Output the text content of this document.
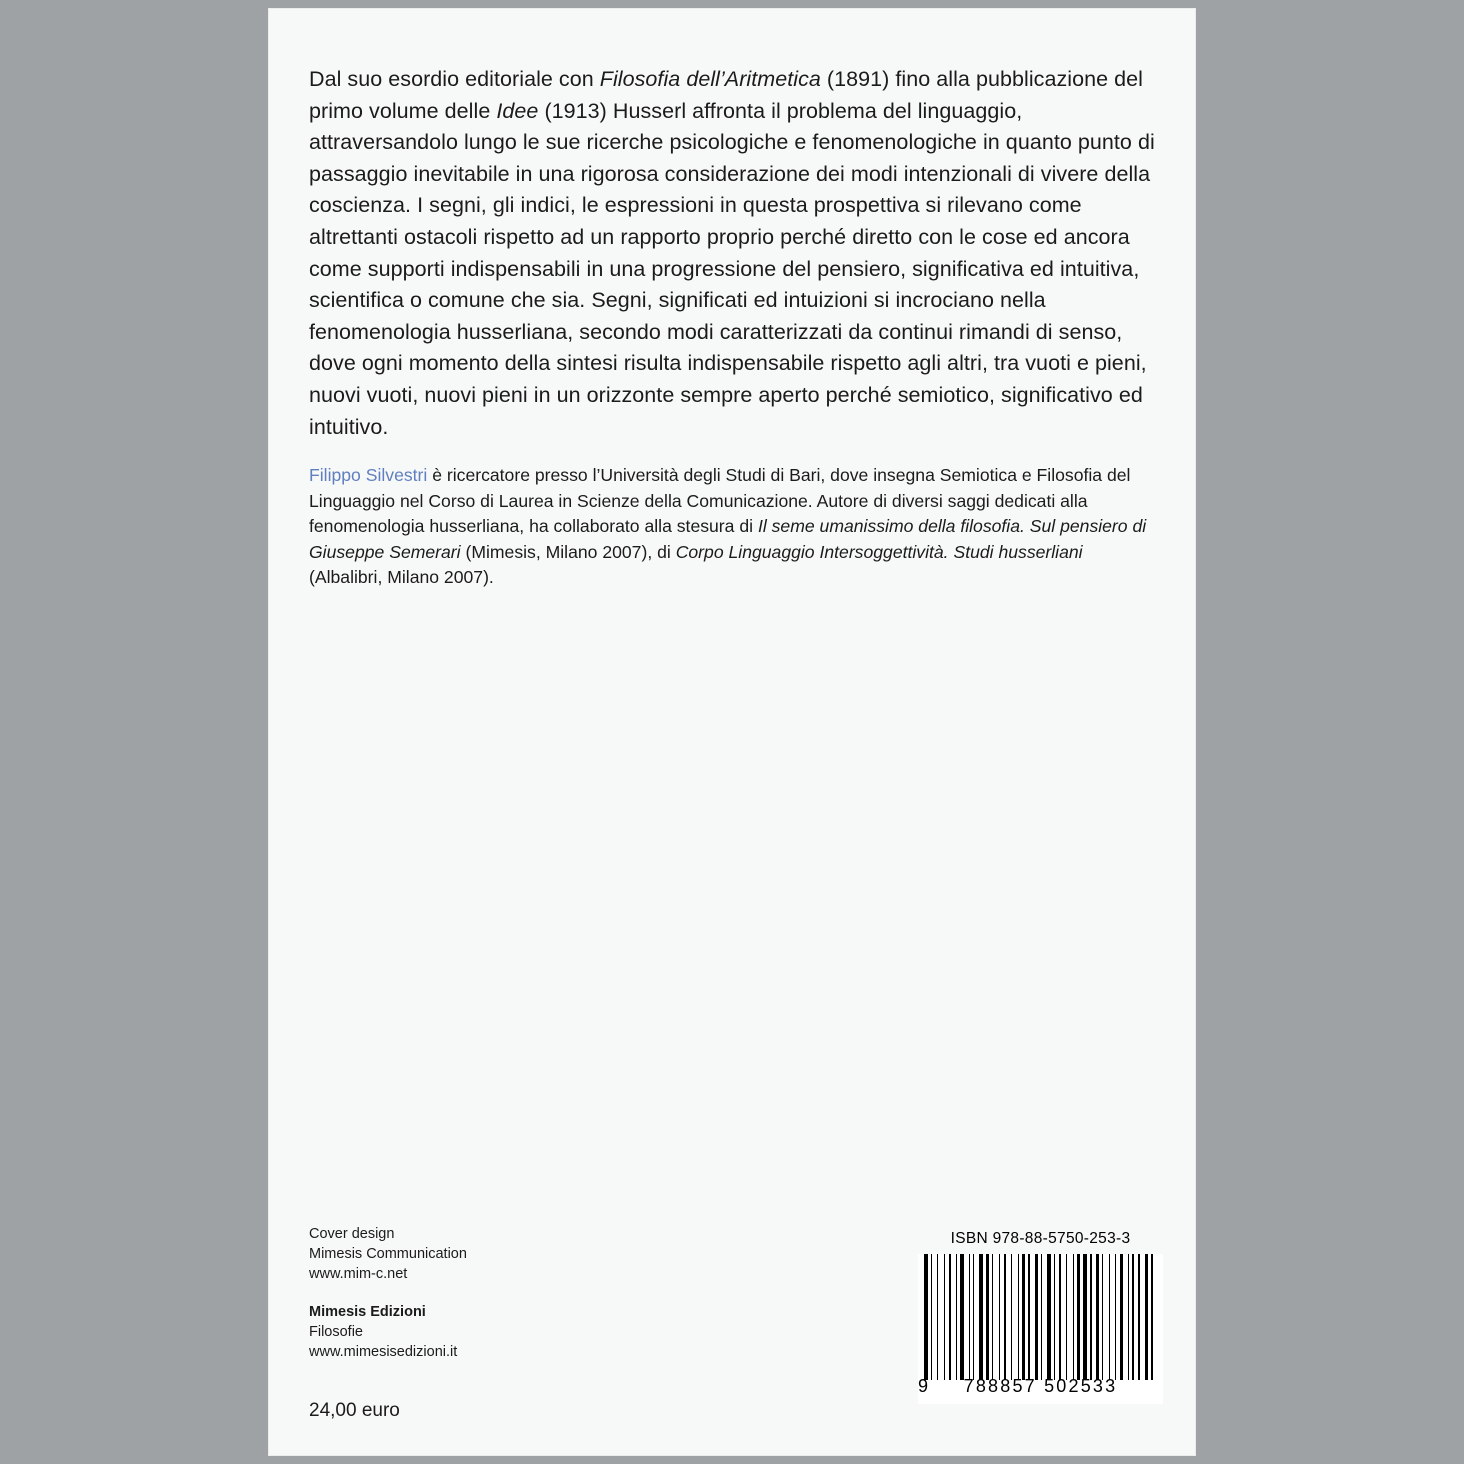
Dal suo esordio editoriale con Filosofia dell’Aritmetica (1891) fino alla pubblicazione del primo volume delle Idee (1913) Husserl affronta il problema del linguaggio, attraversandolo lungo le sue ricerche psicologiche e fenomenologiche in quanto punto di passaggio inevitabile in una rigorosa considerazione dei modi intenzionali di vivere della coscienza. I segni, gli indici, le espressioni in questa prospettiva si rilevano come altrettanti ostacoli rispetto ad un rapporto proprio perché diretto con le cose ed ancora come supporti indispensabili in una progressione del pensiero, significativa ed intuitiva, scientifica o comune che sia. Segni, significati ed intuizioni si incrociano nella fenomenologia husserliana, secondo modi caratterizzati da continui rimandi di senso, dove ogni momento della sintesi risulta indispensabile rispetto agli altri, tra vuoti e pieni, nuovi vuoti, nuovi pieni in un orizzonte sempre aperto perché semiotico, significativo ed intuitivo.
Filippo Silvestri è ricercatore presso l’Università degli Studi di Bari, dove insegna Semiotica e Filosofia del Linguaggio nel Corso di Laurea in Scienze della Comunicazione. Autore di diversi saggi dedicati alla fenomenologia husserliana, ha collaborato alla stesura di Il seme umanissimo della filosofia. Sul pensiero di Giuseppe Semerari (Mimesis, Milano 2007), di Corpo Linguaggio Intersoggettività. Studi husserliani (Albalibri, Milano 2007).
Cover design
Mimesis Communication
www.mim-c.net
Mimesis Edizioni
Filosofie
www.mimesisedizioni.it
24,00 euro
ISBN 978-88-5750-253-3
9 788857 502533
